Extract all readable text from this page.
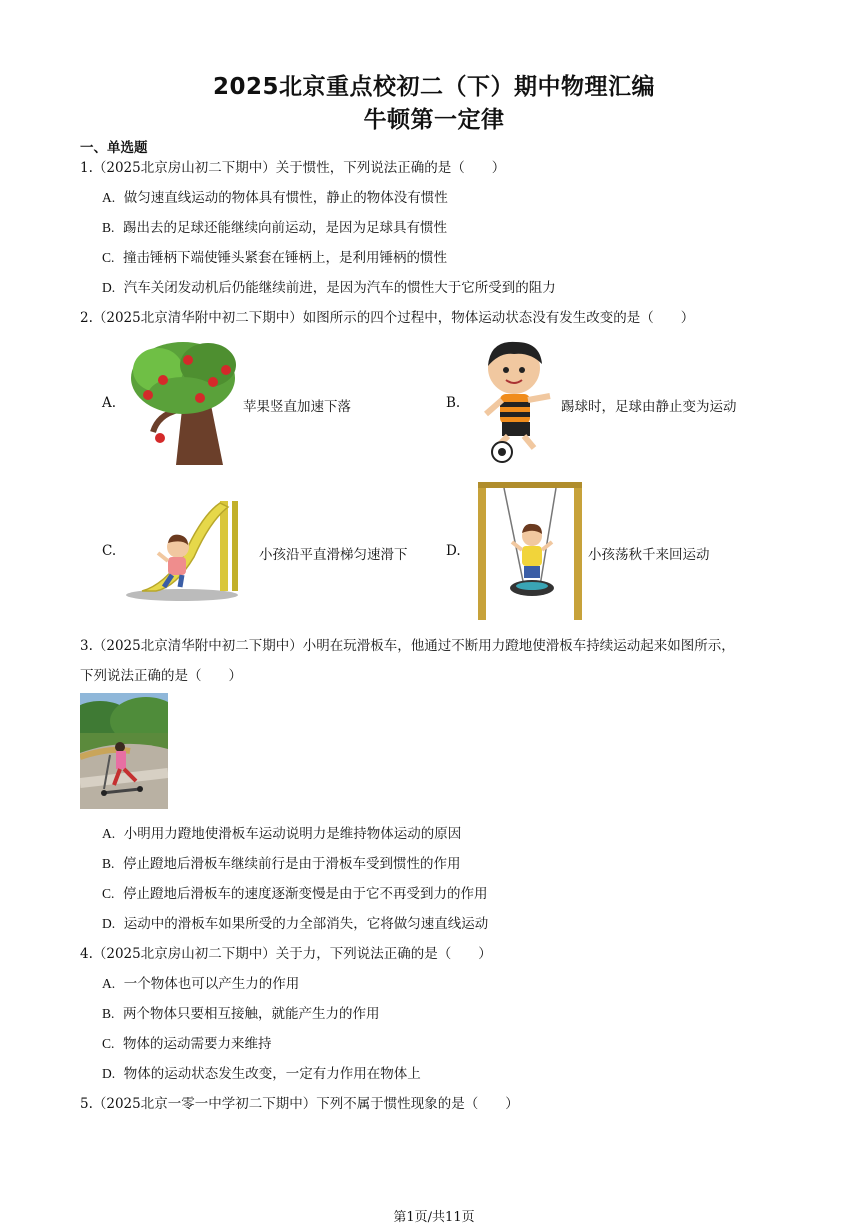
2025北京重点校初二（下）期中物理汇编
牛顿第一定律
一、单选题
1.（2025北京房山初二下期中）关于惯性，下列说法正确的是（　　）
A. 做匀速直线运动的物体具有惯性，静止的物体没有惯性
B. 踢出去的足球还能继续向前运动，是因为足球具有惯性
C. 撞击锤柄下端使锤头紧套在锤柄上，是利用锤柄的惯性
D. 汽车关闭发动机后仍能继续前进，是因为汽车的惯性大于它所受到的阻力
2.（2025北京清华附中初二下期中）如图所示的四个过程中，物体运动状态没有发生改变的是（　　）
A.	苹果竖直加速下落	B.	踢球时，足球由静止变为运动
C.	小孩沿平直滑梯匀速滑下	D.	小孩荡秋千来回运动
3.（2025北京清华附中初二下期中）小明在玩滑板车，他通过不断用力蹬地使滑板车持续运动起来如图所示，
下列说法正确的是（　　）
A. 小明用力蹬地使滑板车运动说明力是维持物体运动的原因
B. 停止蹬地后滑板车继续前行是由于滑板车受到惯性的作用
C. 停止蹬地后滑板车的速度逐渐变慢是由于它不再受到力的作用
D. 运动中的滑板车如果所受的力全部消失，它将做匀速直线运动
4.（2025北京房山初二下期中）关于力，下列说法正确的是（　　）
A. 一个物体也可以产生力的作用
B. 两个物体只要相互接触，就能产生力的作用
C. 物体的运动需要力来维持
D. 物体的运动状态发生改变，一定有力作用在物体上
5.（2025北京一零一中学初二下期中）下列不属于惯性现象的是（　　）
第1页/共11页
